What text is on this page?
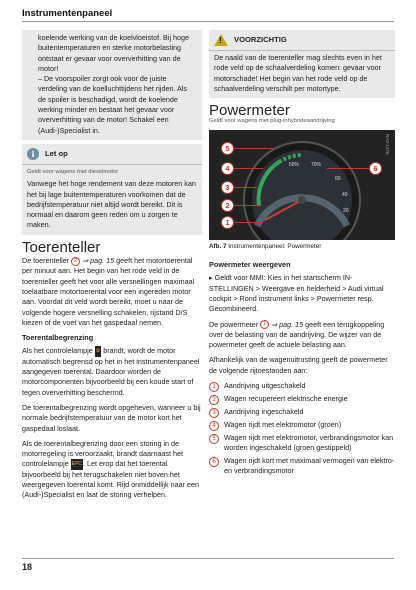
Instrumentenpaneel

koelende werking van de koelvloeistof. Bij hoge buitentemperaturen en sterke motorbelasting ontstaat er gevaar voor oververhitting van de motor!
– De voorspoiler zorgt ook voor de juiste verdeling van de koelluchttijdens het rijden. Als de spoiler is beschadigd, wordt de koelende werking minder en bestaat het gevaar voor oververhitting van de motor! Schakel een (Audi-)Specialist in.

i	Let op
Geldt voor wagens met dieselmotor

Vanwege het hoge rendement van deze motoren kan het bij lage buitentemperaturen voorkomen dat de bedrijfstemperatuur niet altijd wordt bereikt. Dit is normaal en daarom geen reden om u zorgen te maken.

Toerenteller

De toerenteller 2 ⇒ pag. 15 geeft het motortoerental per minuut aan. Het begin van het rode veld in de toerenteller geeft het voor alle versnellingen maximaal toelaatbare motortoerental voor een ingereden motor aan. Voordat dit veld wordt bereikt, moet u naar de volgende hogere versnelling schakelen, rijstand D/S kiezen of de voet van het gaspedaal nemen.

Toerentalbegrenzing

Als het controlelampje ⚙ brandt, wordt de motor automatisch begrensd op het in het instrumentenpaneel aangegeven toerental. Daardoor worden de motorcomponenten bijvoorbeeld bij een koude start of tegen oververhitting beschermd.

De toerentalbegrenzing wordt opgeheven, wanneer u bij normale bedrijfstemperatuur van de motor kort het gaspedaal loslaat.

Als de toerentalbegrenzing door een storing in de motorregeling is veroorzaakt, brandt daarnaast het controlelampje EPC. Let erop dat het toerental bijvoorbeeld bij het terugschakelen niet boven het weergegeven toerental komt. Rijd onmiddellijk naar een (Audi-)Specialist en laat de storing verhelpen.

! VOORZICHTIG

De naald van de toerenteller mag slechts even in het rode veld op de schaalverdeling komen: gevaar voor motorschade! Het begin van het rode veld op de schaalverdeling verschilt per motortype.

Powermeter
Geldt voor wagens met plug-inhybrideaandrijving
RAZ-1376
50% 70%
60
40
20
5
4
3
2
1
6
Afb. 7 Instrumentenpaneel: Powermeter
Powermeter weergeven

▸ Geldt voor MMI: Kies in het startscherm IN-STELLINGEN > Weergave en helderheid > Audi virtual cockpit > Rond instrument links > Powermeter resp. Gecombineerd.

De powermeter 1 ⇒ pag. 15 geeft een terugkoppeling over de belasting van de aandrijving. De wijzer van de powermeter geeft de actuele belasting aan.

Afhankelijk van de wagenuitrusting geeft de powermeter de volgende rijtoestanden aan:

1	Aandrijving uitgeschakeld
2	Wagen recupereert elektrische energie
3	Aandrijving ingeschakeld
4	Wagen rijdt met elektromotor (groen)
5	Wagen rijdt met elektromotor, verbrandingsmotor kan worden ingeschakeld (groen gestippeld)
6	Wagen rijdt kort met maximaal vermogen van elektro- en verbrandingsmotor
18
